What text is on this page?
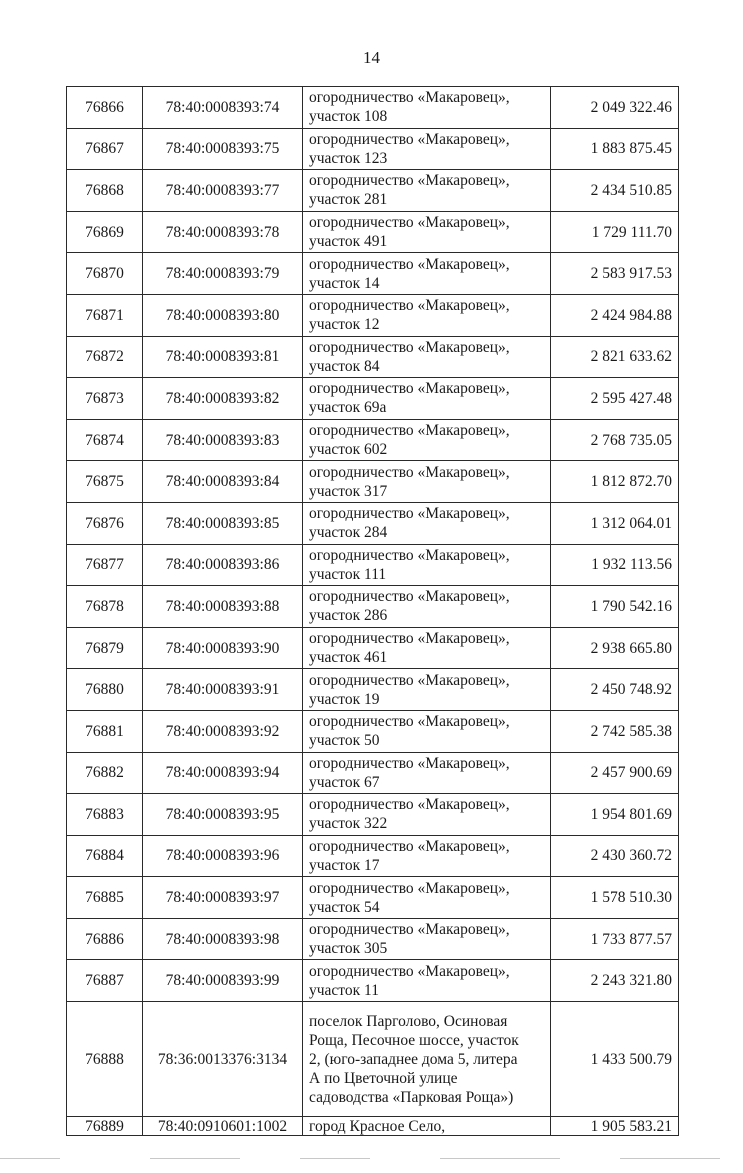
14
76866	78:40:0008393:74	огородничество «Макаровец»,
участок 108	2 049 322.46
76867	78:40:0008393:75	огородничество «Макаровец»,
участок 123	1 883 875.45
76868	78:40:0008393:77	огородничество «Макаровец»,
участок 281	2 434 510.85
76869	78:40:0008393:78	огородничество «Макаровец»,
участок 491	1 729 111.70
76870	78:40:0008393:79	огородничество «Макаровец»,
участок 14	2 583 917.53
76871	78:40:0008393:80	огородничество «Макаровец»,
участок 12	2 424 984.88
76872	78:40:0008393:81	огородничество «Макаровец»,
участок 84	2 821 633.62
76873	78:40:0008393:82	огородничество «Макаровец»,
участок 69а	2 595 427.48
76874	78:40:0008393:83	огородничество «Макаровец»,
участок 602	2 768 735.05
76875	78:40:0008393:84	огородничество «Макаровец»,
участок 317	1 812 872.70
76876	78:40:0008393:85	огородничество «Макаровец»,
участок 284	1 312 064.01
76877	78:40:0008393:86	огородничество «Макаровец»,
участок 111	1 932 113.56
76878	78:40:0008393:88	огородничество «Макаровец»,
участок 286	1 790 542.16
76879	78:40:0008393:90	огородничество «Макаровец»,
участок 461	2 938 665.80
76880	78:40:0008393:91	огородничество «Макаровец»,
участок 19	2 450 748.92
76881	78:40:0008393:92	огородничество «Макаровец»,
участок 50	2 742 585.38
76882	78:40:0008393:94	огородничество «Макаровец»,
участок 67	2 457 900.69
76883	78:40:0008393:95	огородничество «Макаровец»,
участок 322	1 954 801.69
76884	78:40:0008393:96	огородничество «Макаровец»,
участок 17	2 430 360.72
76885	78:40:0008393:97	огородничество «Макаровец»,
участок 54	1 578 510.30
76886	78:40:0008393:98	огородничество «Макаровец»,
участок 305	1 733 877.57
76887	78:40:0008393:99	огородничество «Макаровец»,
участок 11	2 243 321.80
76888	78:36:0013376:3134	поселок Парголово, Осиновая
Роща, Песочное шоссе, участок
2, (юго-западнее дома 5, литера
А по Цветочной улице
садоводства «Парковая Роща»)	1 433 500.79
76889	78:40:0910601:1002	город Красное Село,	1 905 583.21
